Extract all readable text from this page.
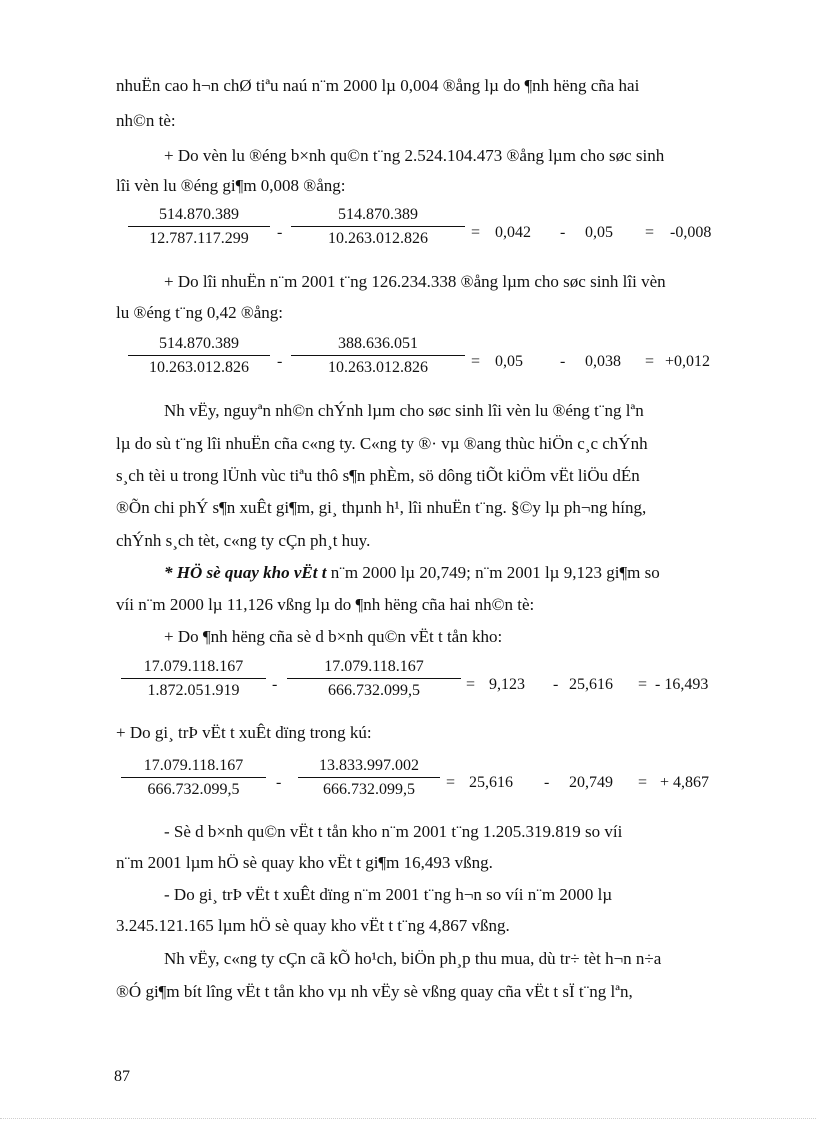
nhuËn cao h¬n chØ tiªu naú n¨m 2000 lµ 0,004 ®ång lµ do ¶nh hëng cña hai
nh©n tè:
+ Do vèn lu ®éng b×nh qu©n t¨ng 2.524.104.473 ®ång lµm cho søc sinh
lîi vèn lu ®éng gi¶m 0,008 ®ång:
514.870.389
12.787.117.299	-
514.870.389
10.263.012.826	= 0,042 - 0,05 = -0,008
+ Do lîi nhuËn n¨m 2001 t¨ng 126.234.338 ®ång lµm cho søc sinh lîi vèn
lu ®éng t¨ng 0,42 ®ång:
514.870.389
10.263.012.826	-
388.636.051
10.263.012.826	= 0,05 - 0,038 = +0,012
Nh vËy, nguyªn nh©n chÝnh lµm cho søc sinh lîi vèn lu ®éng t¨ng lªn
lµ do sù t¨ng lîi nhuËn cña c«ng ty. C«ng ty ®· vµ ®ang thùc hiÖn c¸c chÝnh
s¸ch tèi u trong lÜnh vùc tiªu thô s¶n phÈm, sö dông tiÕt kiÖm vËt liÖu dÉn
®Õn chi phÝ s¶n xuÊt gi¶m, gi¸ thµnh h¹, lîi nhuËn t¨ng. §©y lµ ph¬ng híng,
chÝnh s¸ch tèt, c«ng ty cÇn ph¸t huy.
* HÖ sè quay kho vËt t n¨m 2000 lµ 20,749; n¨m 2001 lµ 9,123 gi¶m so
víi n¨m 2000 lµ 11,126 vßng lµ do ¶nh hëng cña hai nh©n tè:
+ Do ¶nh hëng cña sè d b×nh qu©n vËt t tån kho:
17.079.118.167
1.872.051.919	-
17.079.118.167
666.732.099,5	= 9,123 - 25,616 = - 16,493
+ Do gi¸ trÞ vËt t xuÊt dïng trong kú:
17.079.118.167
666.732.099,5	-
13.833.997.002
666.732.099,5	= 25,616 - 20,749 = + 4,867
- Sè d b×nh qu©n vËt t tån kho n¨m 2001 t¨ng 1.205.319.819 so víi
n¨m 2001 lµm hÖ sè quay kho vËt t gi¶m 16,493 vßng.
- Do gi¸ trÞ vËt t xuÊt dïng n¨m 2001 t¨ng h¬n so víi n¨m 2000 lµ
3.245.121.165 lµm hÖ sè quay kho vËt t t¨ng 4,867 vßng.
Nh vËy, c«ng ty cÇn cã kÕ ho¹ch, biÖn ph¸p thu mua, dù tr÷ tèt h¬n n÷a
®Ó gi¶m bít lîng vËt t tån kho vµ nh vËy sè vßng quay cña vËt t sÏ t¨ng lªn,
87
